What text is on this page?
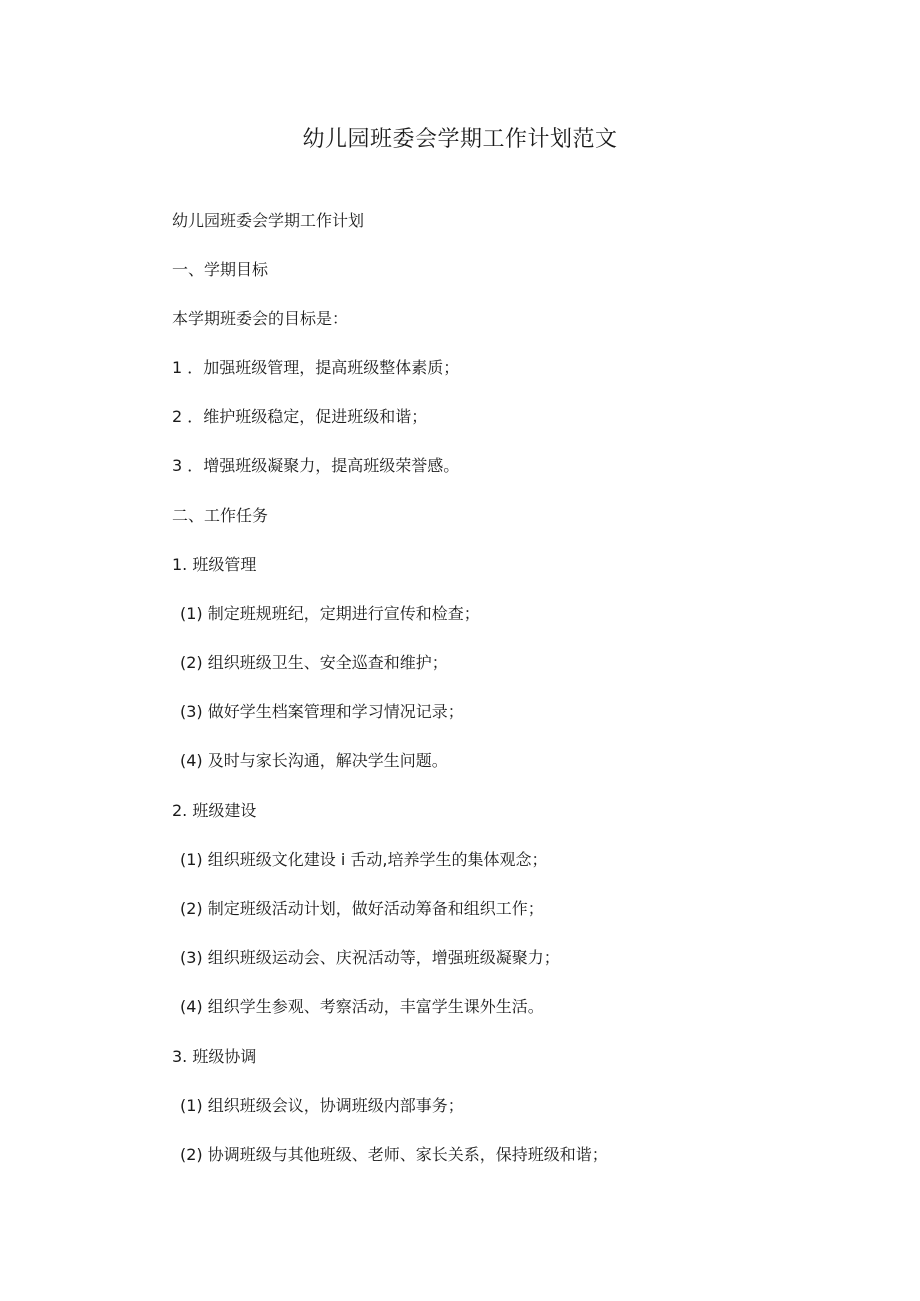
幼儿园班委会学期工作计划范文
幼儿园班委会学期工作计划
一、学期目标
本学期班委会的目标是：
1 ．加强班级管理，提高班级整体素质；
2 ．维护班级稳定，促进班级和谐；
3 ．增强班级凝聚力，提高班级荣誉感。
二、工作任务
1. 班级管理
(1) 制定班规班纪，定期进行宣传和检查；
(2) 组织班级卫生、安全巡查和维护；
(3) 做好学生档案管理和学习情况记录；
(4) 及时与家长沟通，解决学生问题。
2. 班级建设
(1) 组织班级文化建设 i 舌动,培养学生的集体观念；
(2) 制定班级活动计划，做好活动筹备和组织工作；
(3) 组织班级运动会、庆祝活动等，增强班级凝聚力；
(4) 组织学生参观、考察活动，丰富学生课外生活。
3. 班级协调
(1) 组织班级会议，协调班级内部事务；
(2) 协调班级与其他班级、老师、家长关系，保持班级和谐；
